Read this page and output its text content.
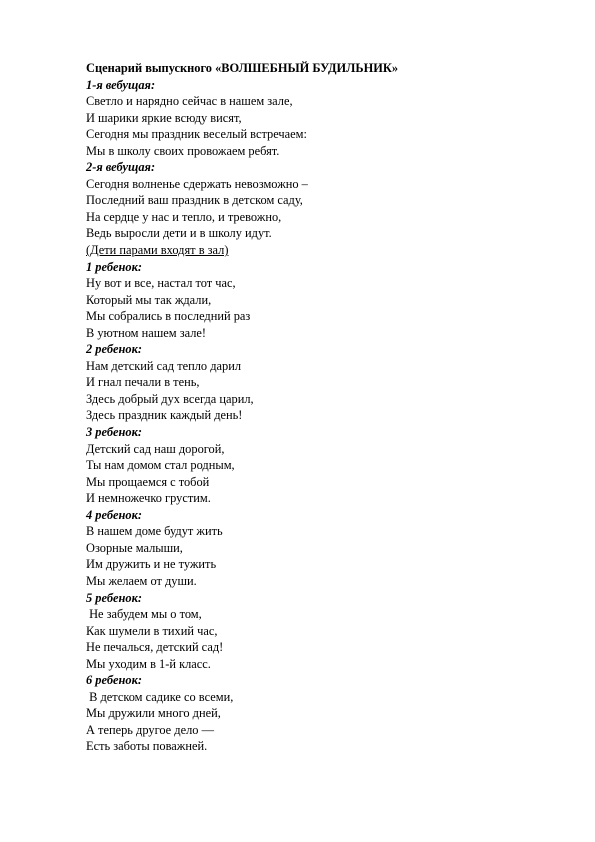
Сценарий выпускного «ВОЛШЕБНЫЙ БУДИЛЬНИК»
1-я вебущая:
Светло и нарядно сейчас в нашем зале,
И шарики яркие всюду висят,
Сегодня мы праздник веселый встречаем:
Мы в школу своих провожаем ребят.
2-я вебущая:
Сегодня волненье сдержать невозможно –
Последний ваш праздник в детском саду,
На сердце у нас и тепло, и тревожно,
Ведь выросли дети и в школу идут.
(Дети парами входят в зал)
1 ребенок:
Ну вот и все, настал тот час,
Который мы так ждали,
Мы собрались в последний раз
В уютном нашем зале!
2 ребенок:
Нам детский сад тепло дарил
И гнал печали в тень,
Здесь добрый дух всегда царил,
Здесь праздник каждый день!
3 ребенок:
Детский сад наш дорогой,
Ты нам домом стал родным,
Мы прощаемся с тобой
И немножечко грустим.
4 ребенок:
В нашем доме будут жить
Озорные малыши,
Им дружить и не тужить
Мы желаем от души.
5 ребенок:
Не забудем мы о том,
Как шумели в тихий час,
Не печалься, детский сад!
Мы уходим в 1-й класс.
6 ребенок:
В детском садике со всеми,
Мы дружили много дней,
А теперь другое дело —
Есть заботы поважней.
